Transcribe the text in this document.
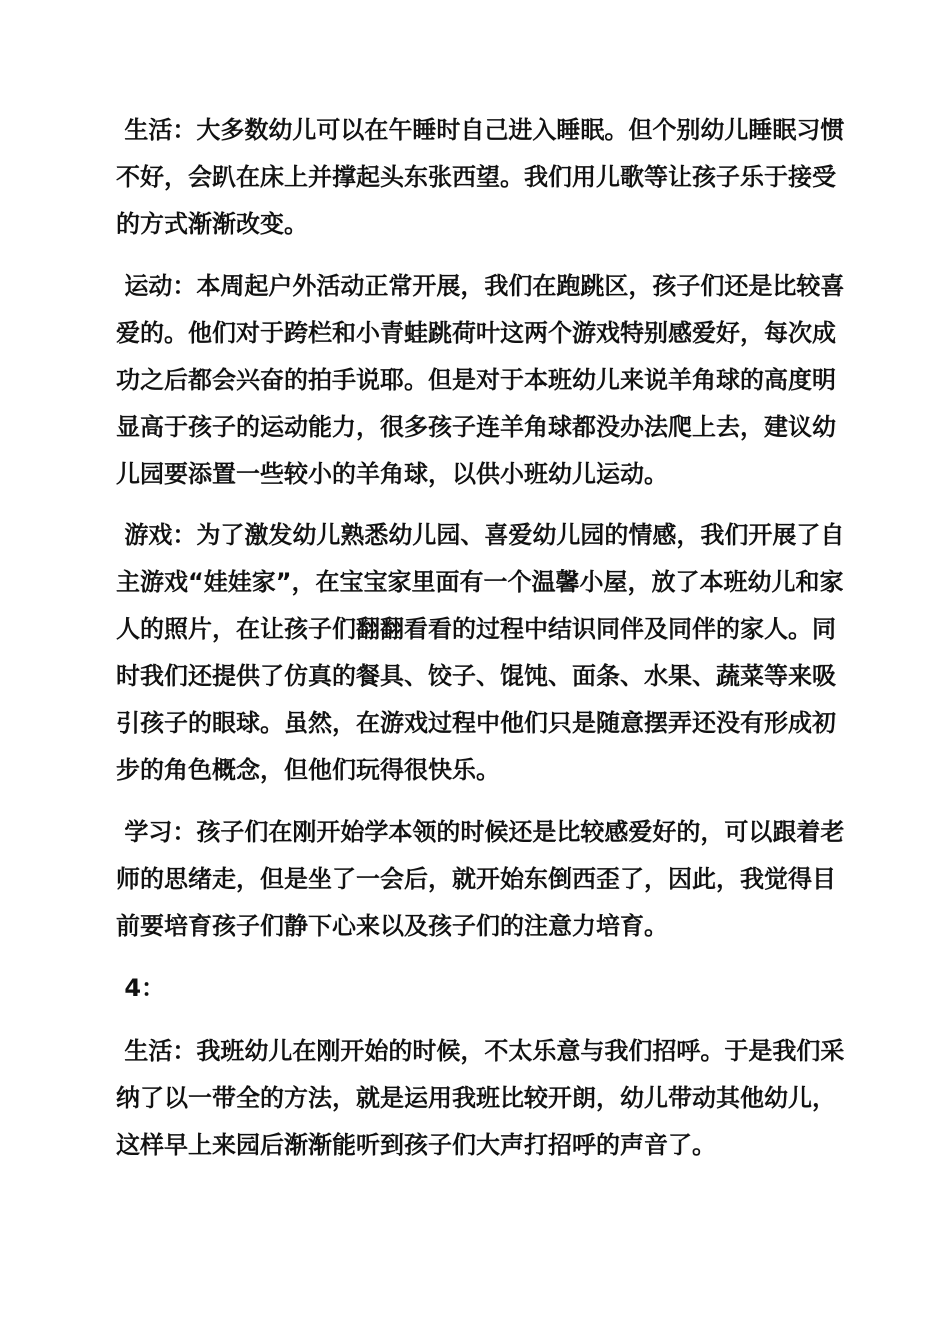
生活：大多数幼儿可以在午睡时自己进入睡眠。但个别幼儿睡眠习惯不好，会趴在床上并撑起头东张西望。我们用儿歌等让孩子乐于接受的方式渐渐改变。

运动：本周起户外活动正常开展，我们在跑跳区，孩子们还是比较喜爱的。他们对于跨栏和小青蛙跳荷叶这两个游戏特别感爱好，每次成功之后都会兴奋的拍手说耶。但是对于本班幼儿来说羊角球的高度明显高于孩子的运动能力，很多孩子连羊角球都没办法爬上去，建议幼儿园要添置一些较小的羊角球，以供小班幼儿运动。

游戏：为了激发幼儿熟悉幼儿园、喜爱幼儿园的情感，我们开展了自主游戏“娃娃家”，在宝宝家里面有一个温馨小屋，放了本班幼儿和家人的照片，在让孩子们翻翻看看的过程中结识同伴及同伴的家人。同时我们还提供了仿真的餐具、饺子、馄饨、面条、水果、蔬菜等来吸引孩子的眼球。虽然，在游戏过程中他们只是随意摆弄还没有形成初步的角色概念，但他们玩得很快乐。

学习：孩子们在刚开始学本领的时候还是比较感爱好的，可以跟着老师的思绪走，但是坐了一会后，就开始东倒西歪了，因此，我觉得目前要培育孩子们静下心来以及孩子们的注意力培育。

4：

生活：我班幼儿在刚开始的时候，不太乐意与我们招呼。于是我们采纳了以一带全的方法，就是运用我班比较开朗，幼儿带动其他幼儿，这样早上来园后渐渐能听到孩子们大声打招呼的声音了。
